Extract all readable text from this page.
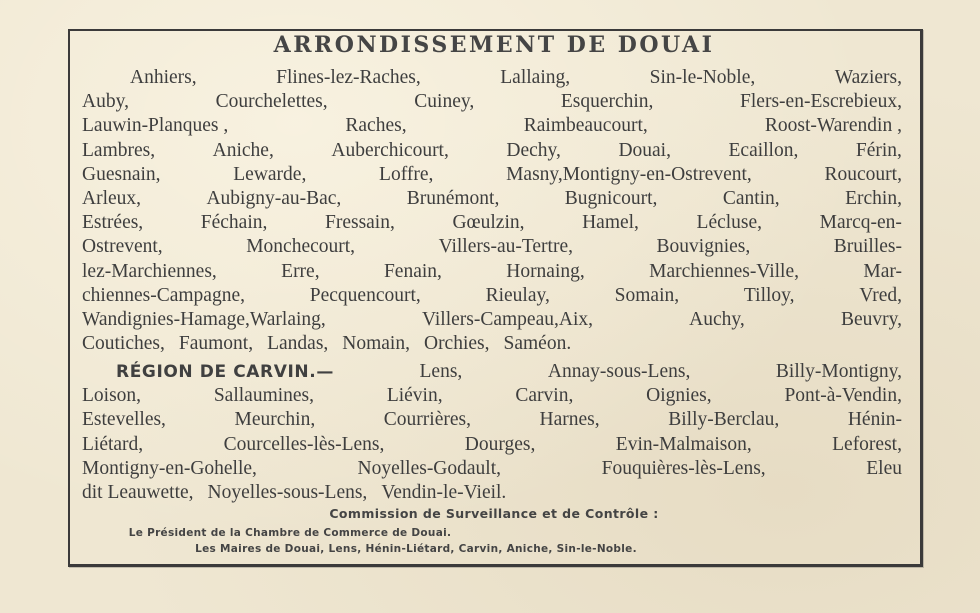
ARRONDISSEMENT DE DOUAI
Anhiers,	Flines-lez-Raches,	Lallaing,	Sin-le-Noble,	Waziers,
Auby,	Courchelettes,	Cuiney,	Esquerchin,	Flers-en-Escrebieux,
Lauwin-Planques ,	Raches,	Raimbeaucourt,	Roost-Warendin ,
Lambres,	Aniche,	Auberchicourt,	Dechy,	Douai,	Ecaillon,	Férin,
Guesnain,	Lewarde,	Loffre,	Masny,Montigny-en-Ostrevent,	Roucourt,
Arleux,	Aubigny-au-Bac,	Brunémont,	Bugnicourt,	Cantin,	Erchin,
Estrées,	Féchain,	Fressain,	Gœulzin,	Hamel,	Lécluse,	Marcq-en-
Ostrevent,	Monchecourt,	Villers-au-Tertre,	Bouvignies,	Bruilles-
lez-Marchiennes,	Erre,	Fenain,	Hornaing,	Marchiennes-Ville,	Mar-
chiennes-Campagne,	Pecquencourt,	Rieulay,	Somain,	Tilloy,	Vred,
Wandignies-Hamage,Warlaing,	Villers-Campeau,Aix,	Auchy,	Beuvry,
Coutiches, Faumont, Landas, Nomain, Orchies, Saméon.
RÉGION DE CARVIN.—	Lens,	Annay-sous-Lens,	Billy-Montigny,
Loison,	Sallaumines,	Liévin,	Carvin,	Oignies,	Pont-à-Vendin,
Estevelles,	Meurchin,	Courrières,	Harnes,	Billy-Berclau,	Hénin-
Liétard,	Courcelles-lès-Lens,	Dourges,	Evin-Malmaison,	Leforest,
Montigny-en-Gohelle,	Noyelles-Godault,	Fouquières-lès-Lens,	Eleu
dit Leauwette, Noyelles-sous-Lens, Vendin-le-Vieil.
Commission de Surveillance et de Contrôle :
Le Président de la Chambre de Commerce de Douai.
Les Maires de Douai, Lens, Hénin-Liétard, Carvin, Aniche, Sin-le-Noble.
